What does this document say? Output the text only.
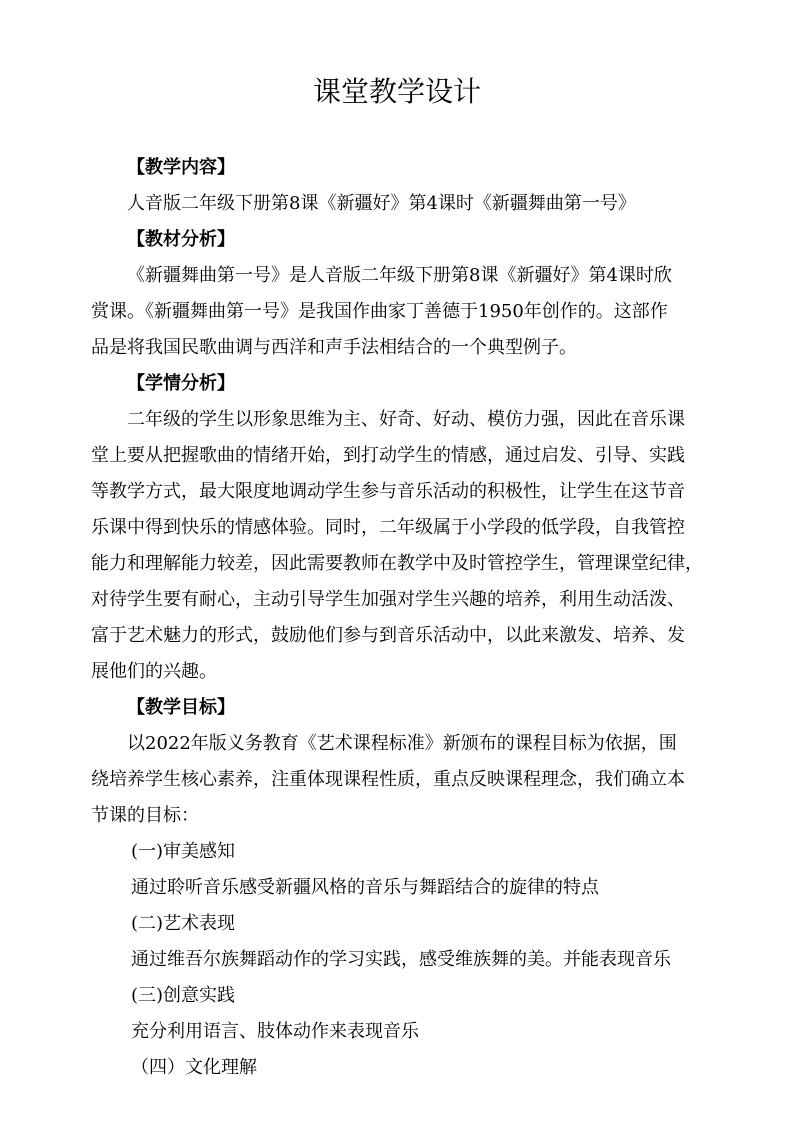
课堂教学设计
【教学内容】
人音版二年级下册第8课《新疆好》第4课时《新疆舞曲第一号》
【教材分析】
《新疆舞曲第一号》是人音版二年级下册第8课《新疆好》第4课时欣
赏课。《新疆舞曲第一号》是我国作曲家丁善德于1950年创作的。这部作
品是将我国民歌曲调与西洋和声手法相结合的一个典型例子。
【学情分析】
二年级的学生以形象思维为主、好奇、好动、模仿力强，因此在音乐课
堂上要从把握歌曲的情绪开始，到打动学生的情感，通过启发、引导、实践
等教学方式，最大限度地调动学生参与音乐活动的积极性，让学生在这节音
乐课中得到快乐的情感体验。同时，二年级属于小学段的低学段，自我管控
能力和理解能力较差，因此需要教师在教学中及时管控学生，管理课堂纪律，
对待学生要有耐心，主动引导学生加强对学生兴趣的培养，利用生动活泼、
富于艺术魅力的形式，鼓励他们参与到音乐活动中，以此来激发、培养、发
展他们的兴趣。
【教学目标】
以2022年版义务教育《艺术课程标准》新颁布的课程目标为依据，围
绕培养学生核心素养，注重体现课程性质，重点反映课程理念，我们确立本
节课的目标：
(一)审美感知
通过聆听音乐感受新疆风格的音乐与舞蹈结合的旋律的特点
(二)艺术表现
通过维吾尔族舞蹈动作的学习实践，感受维族舞的美。并能表现音乐
(三)创意实践
充分利用语言、肢体动作来表现音乐
（四）文化理解
